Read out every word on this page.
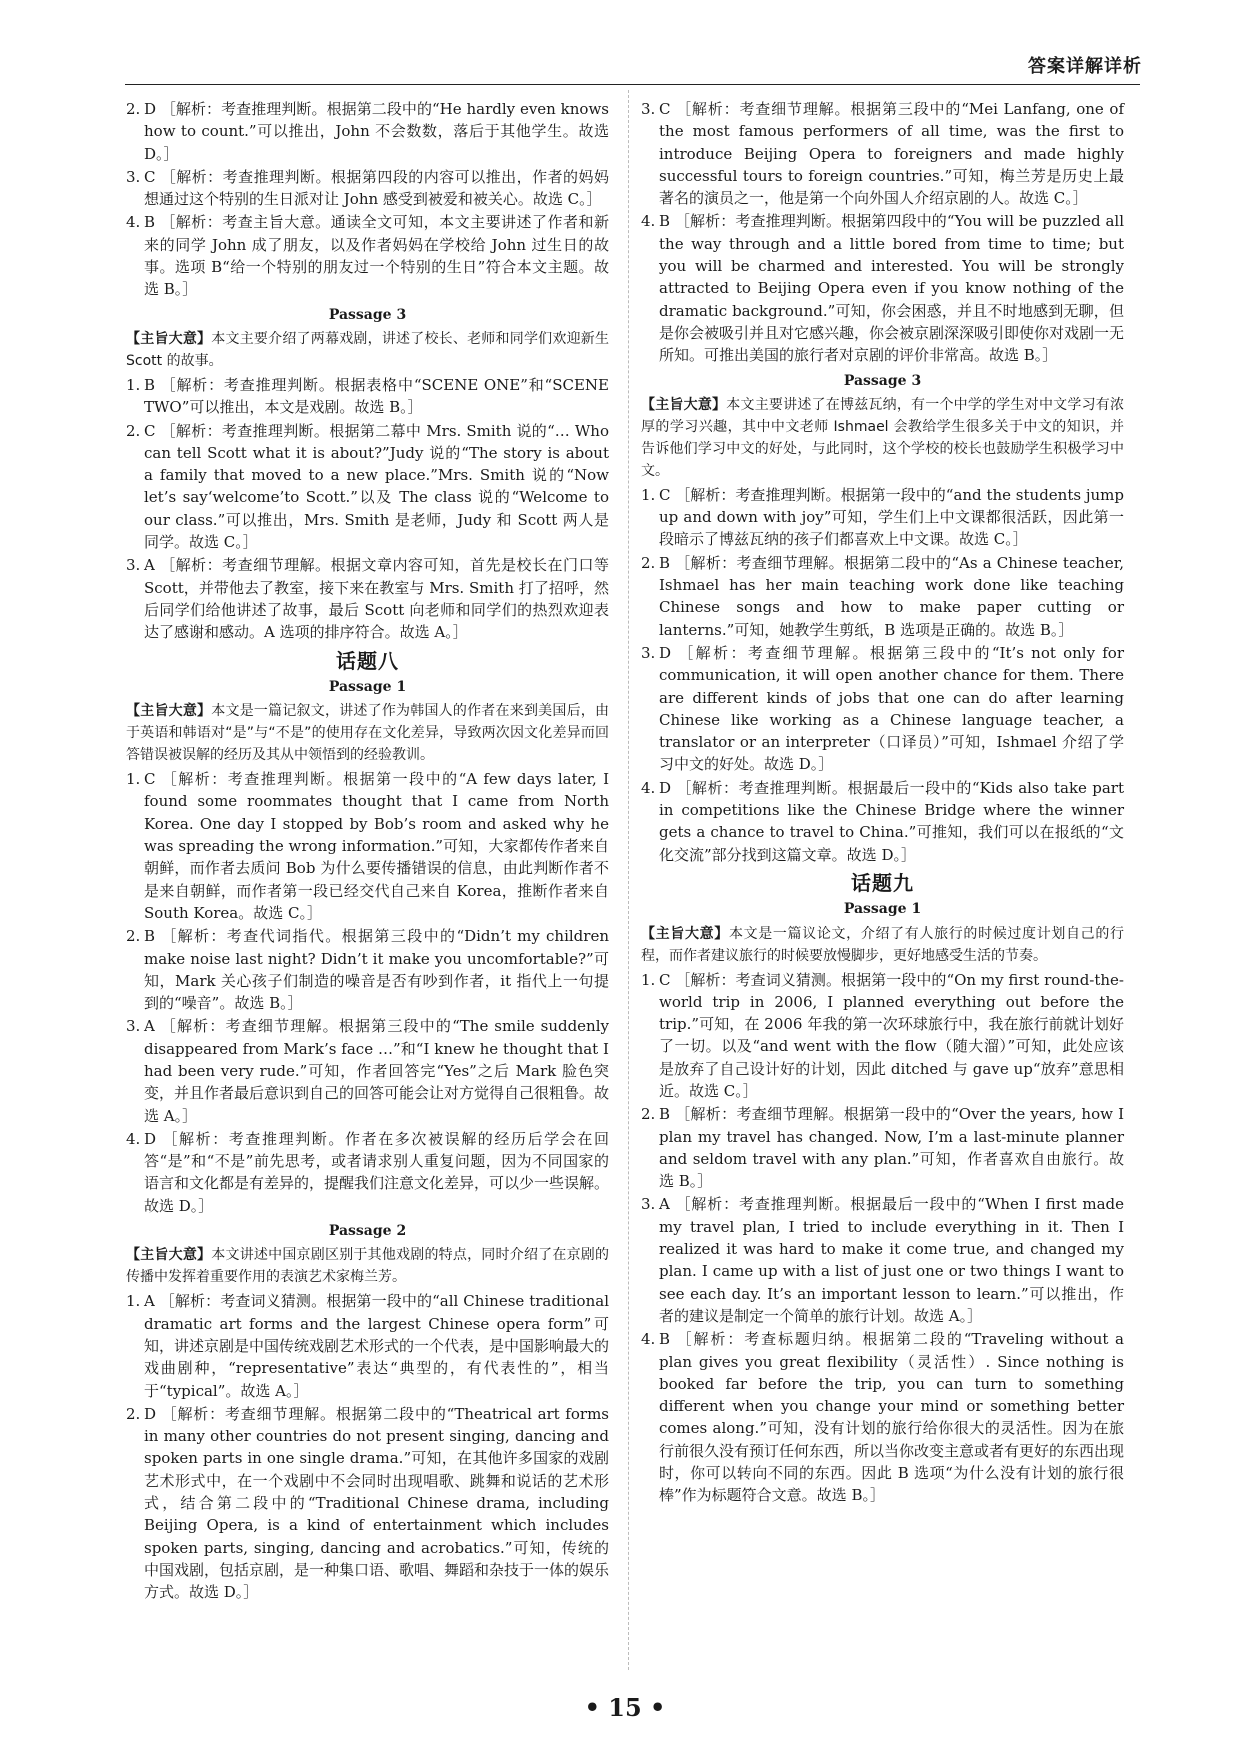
答案详解详析
2. D ［解析：考查推理判断。根据第二段中的“He hardly even knows how to count.”可以推出，John 不会数数，落后于其他学生。故选 D。］
3. C ［解析：考查推理判断。根据第四段的内容可以推出，作者的妈妈想通过这个特别的生日派对让 John 感受到被爱和被关心。故选 C。］
4. B ［解析：考查主旨大意。通读全文可知，本文主要讲述了作者和新来的同学 John 成了朋友，以及作者妈妈在学校给 John 过生日的故事。选项 B“给一个特别的朋友过一个特别的生日”符合本文主题。故选 B。］
Passage 3
【主旨大意】本文主要介绍了两幕戏剧，讲述了校长、老师和同学们欢迎新生 Scott 的故事。
1. B ［解析：考查推理判断。根据表格中“SCENE ONE”和“SCENE TWO”可以推出，本文是戏剧。故选 B。］
2. C ［解析：考查推理判断。根据第二幕中 Mrs. Smith 说的“… Who can tell Scott what it is about?”Judy 说的“The story is about a family that moved to a new place.”Mrs. Smith 说的“Now let’s say‘welcome’to Scott.”以及 The class 说的“Welcome to our class.”可以推出，Mrs. Smith 是老师，Judy 和 Scott 两人是同学。故选 C。］
3. A ［解析：考查细节理解。根据文章内容可知，首先是校长在门口等 Scott，并带他去了教室，接下来在教室与 Mrs. Smith 打了招呼，然后同学们给他讲述了故事，最后 Scott 向老师和同学们的热烈欢迎表达了感谢和感动。A 选项的排序符合。故选 A。］
话题八
Passage 1
【主旨大意】本文是一篇记叙文，讲述了作为韩国人的作者在来到美国后，由于英语和韩语对“是”与“不是”的使用存在文化差异，导致两次因文化差异而回答错误被误解的经历及其从中领悟到的经验教训。
1. C ［解析：考查推理判断。根据第一段中的“A few days later, I found some roommates thought that I came from North Korea. One day I stopped by Bob’s room and asked why he was spreading the wrong information.”可知，大家都传作者来自朝鲜，而作者去质问 Bob 为什么要传播错误的信息，由此判断作者不是来自朝鲜，而作者第一段已经交代自己来自 Korea，推断作者来自 South Korea。故选 C。］
2. B ［解析：考查代词指代。根据第三段中的“Didn’t my children make noise last night? Didn’t it make you uncomfortable?”可知，Mark 关心孩子们制造的噪音是否有吵到作者，it 指代上一句提到的“噪音”。故选 B。］
3. A ［解析：考查细节理解。根据第三段中的“The smile suddenly disappeared from Mark’s face …”和“I knew he thought that I had been very rude.”可知，作者回答完“Yes”之后 Mark 脸色突变，并且作者最后意识到自己的回答可能会让对方觉得自己很粗鲁。故选 A。］
4. D ［解析：考查推理判断。作者在多次被误解的经历后学会在回答“是”和“不是”前先思考，或者请求别人重复问题，因为不同国家的语言和文化都是有差异的，提醒我们注意文化差异，可以少一些误解。故选 D。］
Passage 2
【主旨大意】本文讲述中国京剧区别于其他戏剧的特点，同时介绍了在京剧的传播中发挥着重要作用的表演艺术家梅兰芳。
1. A ［解析：考查词义猜测。根据第一段中的“all Chinese traditional dramatic art forms and the largest Chinese opera form”可知，讲述京剧是中国传统戏剧艺术形式的一个代表，是中国影响最大的戏曲剧种，“representative”表达“典型的，有代表性的”，相当于“typical”。故选 A。］
2. D ［解析：考查细节理解。根据第二段中的“Theatrical art forms in many other countries do not present singing, dancing and spoken parts in one single drama.”可知，在其他许多国家的戏剧艺术形式中，在一个戏剧中不会同时出现唱歌、跳舞和说话的艺术形式，结合第二段中的“Traditional Chinese drama, including Beijing Opera, is a kind of entertainment which includes spoken parts, singing, dancing and acrobatics.”可知，传统的中国戏剧，包括京剧，是一种集口语、歌唱、舞蹈和杂技于一体的娱乐方式。故选 D。］
3. C ［解析：考查细节理解。根据第三段中的“Mei Lanfang, one of the most famous performers of all time, was the first to introduce Beijing Opera to foreigners and made highly successful tours to foreign countries.”可知，梅兰芳是历史上最著名的演员之一，他是第一个向外国人介绍京剧的人。故选 C。］
4. B ［解析：考查推理判断。根据第四段中的“You will be puzzled all the way through and a little bored from time to time; but you will be charmed and interested. You will be strongly attracted to Beijing Opera even if you know nothing of the dramatic background.”可知，你会困惑，并且不时地感到无聊，但是你会被吸引并且对它感兴趣，你会被京剧深深吸引即使你对戏剧一无所知。可推出美国的旅行者对京剧的评价非常高。故选 B。］
Passage 3
【主旨大意】本文主要讲述了在博兹瓦纳，有一个中学的学生对中文学习有浓厚的学习兴趣，其中中文老师 Ishmael 会教给学生很多关于中文的知识，并告诉他们学习中文的好处，与此同时，这个学校的校长也鼓励学生积极学习中文。
1. C ［解析：考查推理判断。根据第一段中的“and the students jump up and down with joy”可知，学生们上中文课都很活跃，因此第一段暗示了博兹瓦纳的孩子们都喜欢上中文课。故选 C。］
2. B ［解析：考查细节理解。根据第二段中的“As a Chinese teacher, Ishmael has her main teaching work done like teaching Chinese songs and how to make paper cutting or lanterns.”可知，她教学生剪纸，B 选项是正确的。故选 B。］
3. D ［解析：考查细节理解。根据第三段中的“It’s not only for communication, it will open another chance for them. There are different kinds of jobs that one can do after learning Chinese like working as a Chinese language teacher, a translator or an interpreter（口译员）”可知，Ishmael 介绍了学习中文的好处。故选 D。］
4. D ［解析：考查推理判断。根据最后一段中的“Kids also take part in competitions like the Chinese Bridge where the winner gets a chance to travel to China.”可推知，我们可以在报纸的“文化交流”部分找到这篇文章。故选 D。］
话题九
Passage 1
【主旨大意】本文是一篇议论文，介绍了有人旅行的时候过度计划自己的行程，而作者建议旅行的时候要放慢脚步，更好地感受生活的节奏。
1. C ［解析：考查词义猜测。根据第一段中的“On my first round-the-world trip in 2006, I planned everything out before the trip.”可知，在 2006 年我的第一次环球旅行中，我在旅行前就计划好了一切。以及“and went with the flow（随大溜）”可知，此处应该是放弃了自己设计好的计划，因此 ditched 与 gave up“放弃”意思相近。故选 C。］
2. B ［解析：考查细节理解。根据第一段中的“Over the years, how I plan my travel has changed. Now, I’m a last-minute planner and seldom travel with any plan.”可知，作者喜欢自由旅行。故选 B。］
3. A ［解析：考查推理判断。根据最后一段中的“When I first made my travel plan, I tried to include everything in it. Then I realized it was hard to make it come true, and changed my plan. I came up with a list of just one or two things I want to see each day. It’s an important lesson to learn.”可以推出，作者的建议是制定一个简单的旅行计划。故选 A。］
4. B ［解析：考查标题归纳。根据第二段的“Traveling without a plan gives you great flexibility（灵活性）. Since nothing is booked far before the trip, you can turn to something different when you change your mind or something better comes along.”可知，没有计划的旅行给你很大的灵活性。因为在旅行前很久没有预订任何东西，所以当你改变主意或者有更好的东西出现时，你可以转向不同的东西。因此 B 选项“为什么没有计划的旅行很棒”作为标题符合文意。故选 B。］
• 15 •
